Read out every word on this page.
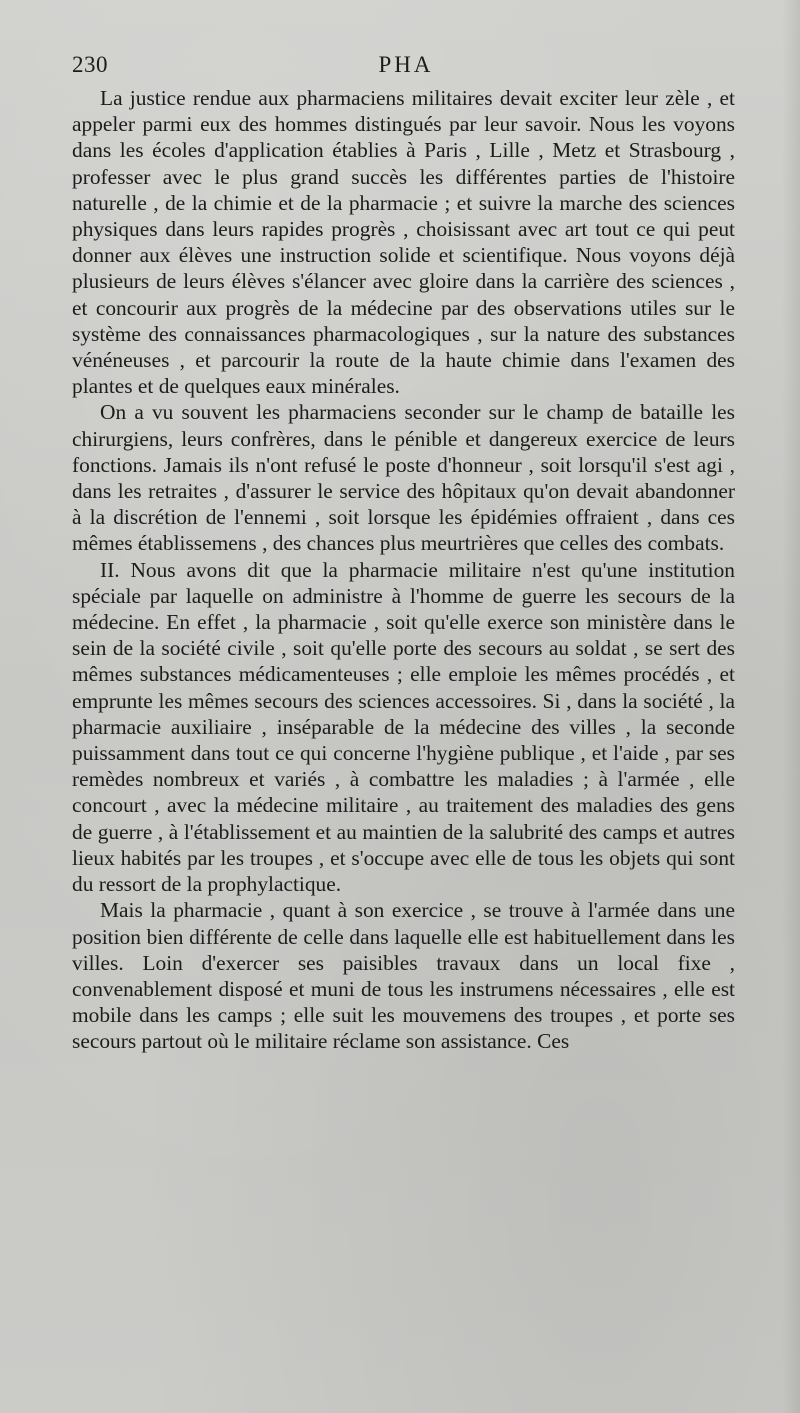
230	PHA

La justice rendue aux pharmaciens militaires devait exciter leur zèle , et appeler parmi eux des hommes distingués par leur savoir. Nous les voyons dans les écoles d'application établies à Paris , Lille , Metz et Strasbourg , professer avec le plus grand succès les différentes parties de l'histoire naturelle , de la chimie et de la pharmacie ; et suivre la marche des sciences physiques dans leurs rapides progrès , choisissant avec art tout ce qui peut donner aux élèves une instruction solide et scientifique. Nous voyons déjà plusieurs de leurs élèves s'élancer avec gloire dans la carrière des sciences , et concourir aux progrès de la médecine par des observations utiles sur le système des connaissances pharmacologiques , sur la nature des substances vénéneuses , et parcourir la route de la haute chimie dans l'examen des plantes et de quelques eaux minérales.

On a vu souvent les pharmaciens seconder sur le champ de bataille les chirurgiens, leurs confrères, dans le pénible et dangereux exercice de leurs fonctions. Jamais ils n'ont refusé le poste d'honneur , soit lorsqu'il s'est agi , dans les retraites , d'assurer le service des hôpitaux qu'on devait abandonner à la discrétion de l'ennemi , soit lorsque les épidémies offraient , dans ces mêmes établissemens , des chances plus meurtrières que celles des combats.

II. Nous avons dit que la pharmacie militaire n'est qu'une institution spéciale par laquelle on administre à l'homme de guerre les secours de la médecine. En effet , la pharmacie , soit qu'elle exerce son ministère dans le sein de la société civile , soit qu'elle porte des secours au soldat , se sert des mêmes substances médicamenteuses ; elle emploie les mêmes procédés , et emprunte les mêmes secours des sciences accessoires. Si , dans la société , la pharmacie auxiliaire , inséparable de la médecine des villes , la seconde puissamment dans tout ce qui concerne l'hygiène publique , et l'aide , par ses remèdes nombreux et variés , à combattre les maladies ; à l'armée , elle concourt , avec la médecine militaire , au traitement des maladies des gens de guerre , à l'établissement et au maintien de la salubrité des camps et autres lieux habités par les troupes , et s'occupe avec elle de tous les objets qui sont du ressort de la prophylactique.

Mais la pharmacie , quant à son exercice , se trouve à l'armée dans une position bien différente de celle dans laquelle elle est habituellement dans les villes. Loin d'exercer ses paisibles travaux dans un local fixe , convenablement disposé et muni de tous les instrumens nécessaires , elle est mobile dans les camps ; elle suit les mouvemens des troupes , et porte ses secours partout où le militaire réclame son assistance. Ces
